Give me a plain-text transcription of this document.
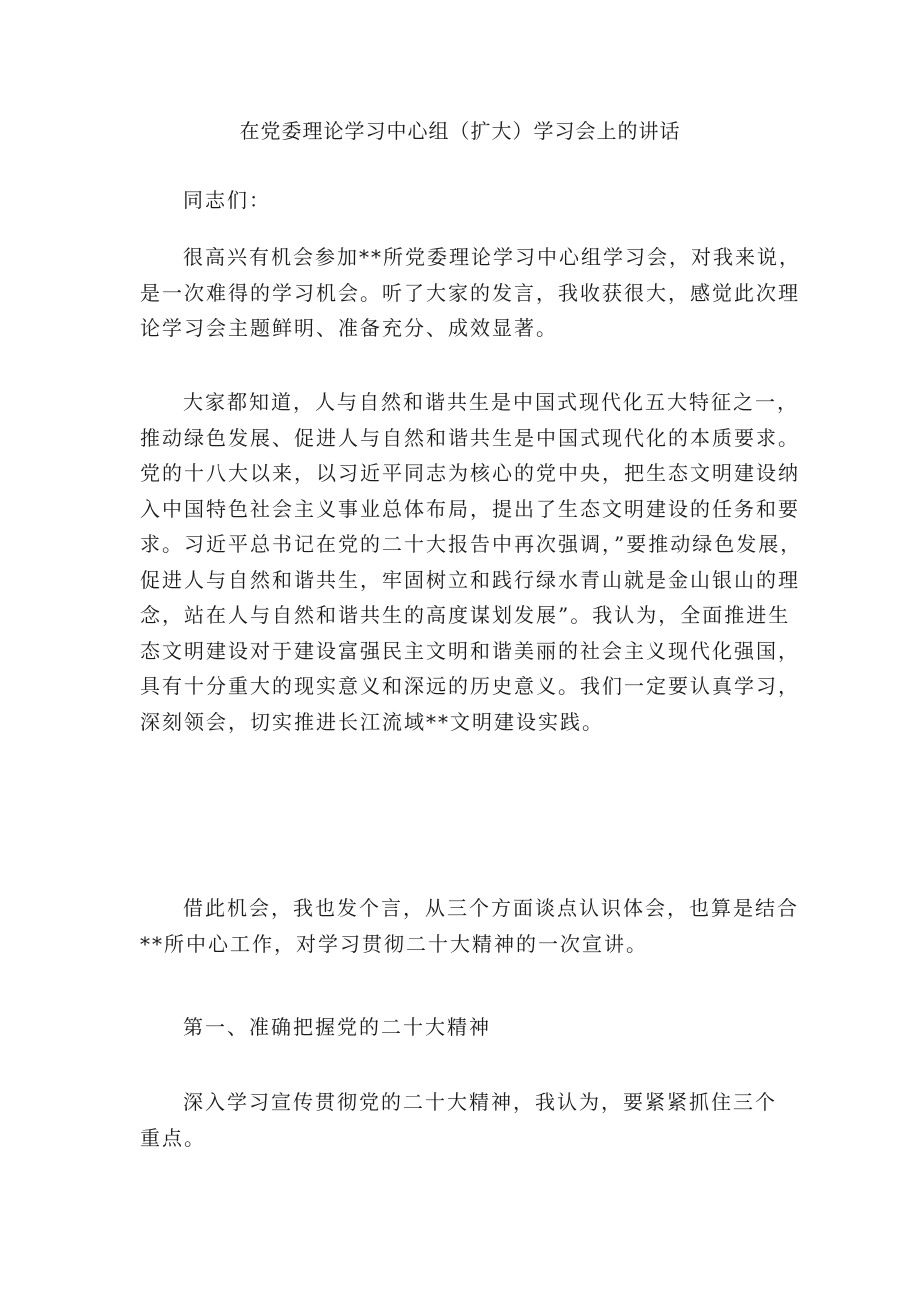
在党委理论学习中心组（扩大）学习会上的讲话
同志们：
很高兴有机会参加**所党委理论学习中心组学习会，对我来说，
是一次难得的学习机会。听了大家的发言，我收获很大，感觉此次理
论学习会主题鲜明、准备充分、成效显著。
大家都知道，人与自然和谐共生是中国式现代化五大特征之一，
推动绿色发展、促进人与自然和谐共生是中国式现代化的本质要求。
党的十八大以来，以习近平同志为核心的党中央，把生态文明建设纳
入中国特色社会主义事业总体布局，提出了生态文明建设的任务和要
求。习近平总书记在党的二十大报告中再次强调，”要推动绿色发展，
促进人与自然和谐共生，牢固树立和践行绿水青山就是金山银山的理
念，站在人与自然和谐共生的高度谋划发展”。我认为，全面推进生
态文明建设对于建设富强民主文明和谐美丽的社会主义现代化强国，
具有十分重大的现实意义和深远的历史意义。我们一定要认真学习，
深刻领会，切实推进长江流域**文明建设实践。
借此机会，我也发个言，从三个方面谈点认识体会，也算是结合
**所中心工作，对学习贯彻二十大精神的一次宣讲。
第一、准确把握党的二十大精神
深入学习宣传贯彻党的二十大精神，我认为，要紧紧抓住三个
重点。
